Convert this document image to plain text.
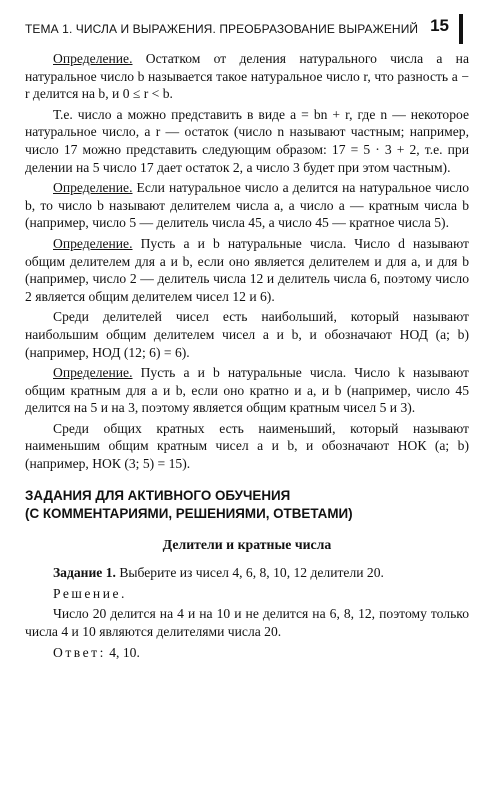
ТЕМА 1. ЧИСЛА И ВЫРАЖЕНИЯ. ПРЕОБРАЗОВАНИЕ ВЫРАЖЕНИЙ 15

Определение. Остатком от деления натурального числа a на натуральное число b называется такое натуральное число r, что разность a − r делится на b, и 0 ≤ r < b.

Т.е. число a можно представить в виде a = bn + r, где n — некоторое натуральное число, а r — остаток (число n называют частным; например, число 17 можно представить следующим образом: 17 = 5 · 3 + 2, т.е. при делении на 5 число 17 дает остаток 2, а число 3 будет при этом частным).

Определение. Если натуральное число a делится на натуральное число b, то число b называют делителем числа a, а число a — кратным числа b (например, число 5 — делитель числа 45, а число 45 — кратное числа 5).

Определение. Пусть a и b натуральные числа. Число d называют общим делителем для a и b, если оно является делителем и для a, и для b (например, число 2 — делитель числа 12 и делитель числа 6, поэтому число 2 является общим делителем чисел 12 и 6).

Среди делителей чисел есть наибольший, который называют наибольшим общим делителем чисел a и b, и обозначают НОД (a; b) (например, НОД (12; 6) = 6).

Определение. Пусть a и b натуральные числа. Число k называют общим кратным для a и b, если оно кратно и a, и b (например, число 45 делится на 5 и на 3, поэтому является общим кратным чисел 5 и 3).

Среди общих кратных есть наименьший, который называют наименьшим общим кратным чисел a и b, и обозначают НОК (a; b) (например, НОК (3; 5) = 15).

ЗАДАНИЯ ДЛЯ АКТИВНОГО ОБУЧЕНИЯ
(С КОММЕНТАРИЯМИ, РЕШЕНИЯМИ, ОТВЕТАМИ)
Делители и кратные числа

Задание 1. Выберите из чисел 4, 6, 8, 10, 12 делители 20.

Решение.

Число 20 делится на 4 и на 10 и не делится на 6, 8, 12, поэтому только числа 4 и 10 являются делителями числа 20.

Ответ: 4, 10.
